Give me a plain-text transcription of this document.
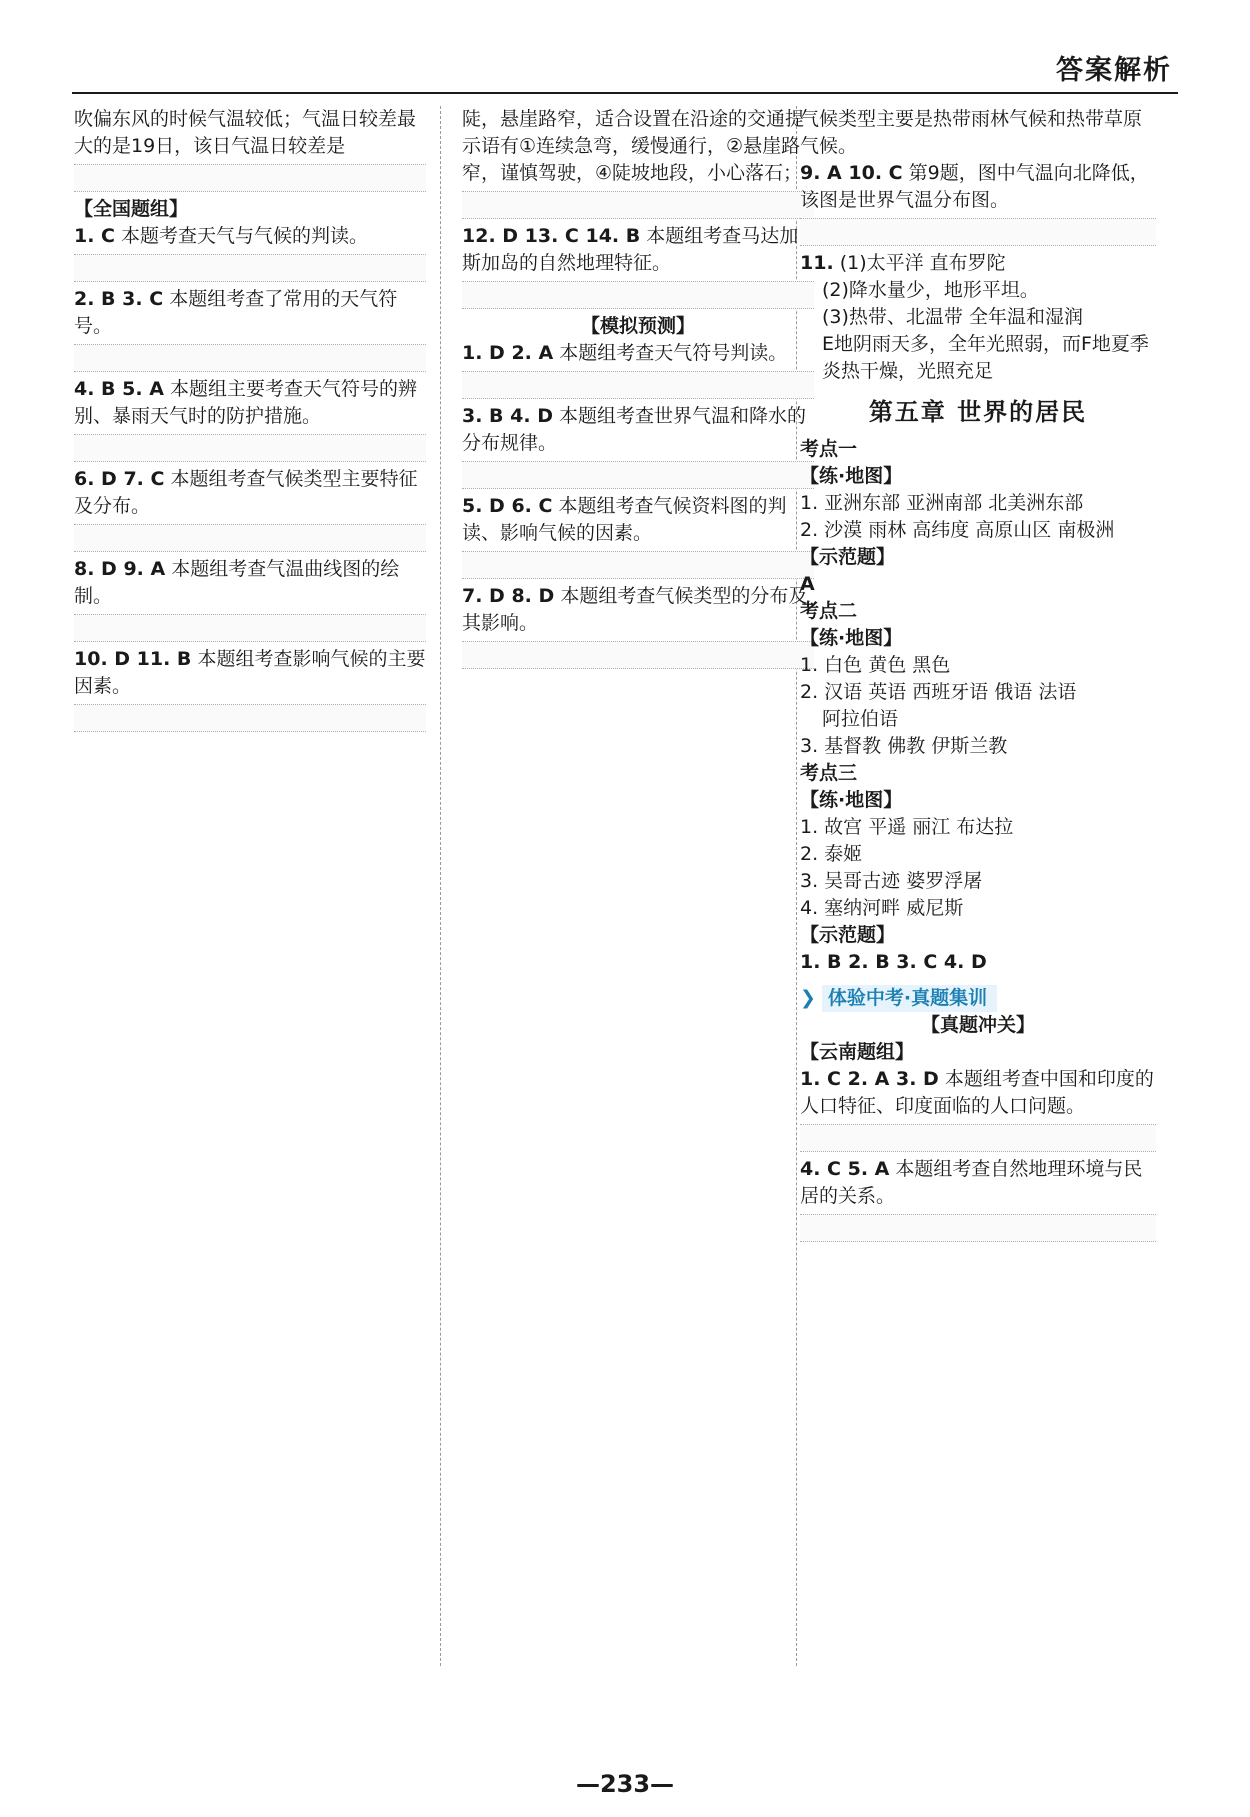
答案解析
吹偏东风的时候气温较低；气温日较差最大的是19日，该日气温日较差是
【全国题组】
1. C 本题考查天气与气候的判读。
2. B 3. C 本题组考查了常用的天气符号。
4. B 5. A 本题组主要考查天气符号的辨别、暴雨天气时的防护措施。
6. D 7. C 本题组考查气候类型主要特征及分布。
8. D 9. A 本题组考查气温曲线图的绘制。
10. D 11. B 本题组考查影响气候的主要因素。
陡，悬崖路窄，适合设置在沿途的交通提示语有①连续急弯，缓慢通行，②悬崖路窄，谨慎驾驶，④陡坡地段，小心落石；
12. D 13. C 14. B 本题组考查马达加斯加岛的自然地理特征。
【模拟预测】
1. D 2. A 本题组考查天气符号判读。
3. B 4. D 本题组考查世界气温和降水的分布规律。
5. D 6. C 本题组考查气候资料图的判读、影响气候的因素。
7. D 8. D 本题组考查气候类型的分布及其影响。
气候类型主要是热带雨林气候和热带草原气候。
9. A 10. C 第9题，图中气温向北降低，该图是世界气温分布图。
11. (1)太平洋 直布罗陀
(2)降水量少，地形平坦。
(3)热带、北温带 全年温和湿润
E地阴雨天多，全年光照弱，而F地夏季炎热干燥，光照充足
第五章 世界的居民
考点一
【练·地图】
1. 亚洲东部 亚洲南部 北美洲东部
2. 沙漠 雨林 高纬度 高原山区 南极洲
【示范题】
A
考点二
【练·地图】
1. 白色 黄色 黑色
2. 汉语 英语 西班牙语 俄语 法语
阿拉伯语
3. 基督教 佛教 伊斯兰教
考点三
【练·地图】
1. 故宫 平遥 丽江 布达拉
2. 泰姬
3. 吴哥古迹 婆罗浮屠
4. 塞纳河畔 威尼斯
【示范题】
1. B 2. B 3. C 4. D
❯ 体验中考·真题集训
【真题冲关】
【云南题组】
1. C 2. A 3. D 本题组考查中国和印度的人口特征、印度面临的人口问题。
4. C 5. A 本题组考查自然地理环境与民居的关系。
—233—
